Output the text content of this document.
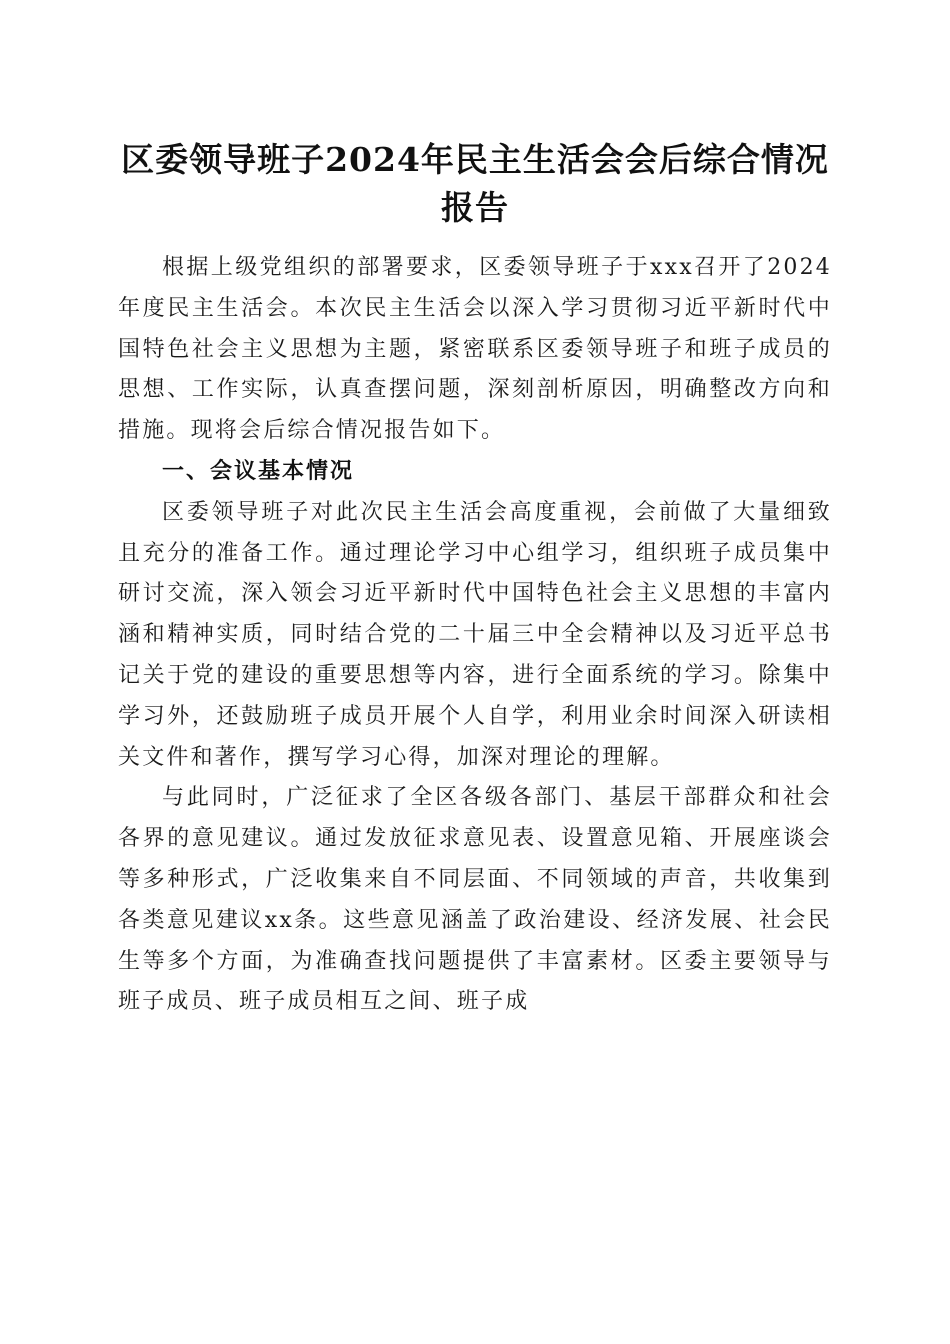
区委领导班子2024年民主生活会会后综合情况报告

根据上级党组织的部署要求，区委领导班子于xxx召开了2024年度民主生活会。本次民主生活会以深入学习贯彻习近平新时代中国特色社会主义思想为主题，紧密联系区委领导班子和班子成员的思想、工作实际，认真查摆问题，深刻剖析原因，明确整改方向和措施。现将会后综合情况报告如下。

一、会议基本情况

区委领导班子对此次民主生活会高度重视，会前做了大量细致且充分的准备工作。通过理论学习中心组学习，组织班子成员集中研讨交流，深入领会习近平新时代中国特色社会主义思想的丰富内涵和精神实质，同时结合党的二十届三中全会精神以及习近平总书记关于党的建设的重要思想等内容，进行全面系统的学习。除集中学习外，还鼓励班子成员开展个人自学，利用业余时间深入研读相关文件和著作，撰写学习心得，加深对理论的理解。

与此同时，广泛征求了全区各级各部门、基层干部群众和社会各界的意见建议。通过发放征求意见表、设置意见箱、开展座谈会等多种形式，广泛收集来自不同层面、不同领域的声音，共收集到各类意见建议xx条。这些意见涵盖了政治建设、经济发展、社会民生等多个方面，为准确查找问题提供了丰富素材。区委主要领导与班子成员、班子成员相互之间、班子成
